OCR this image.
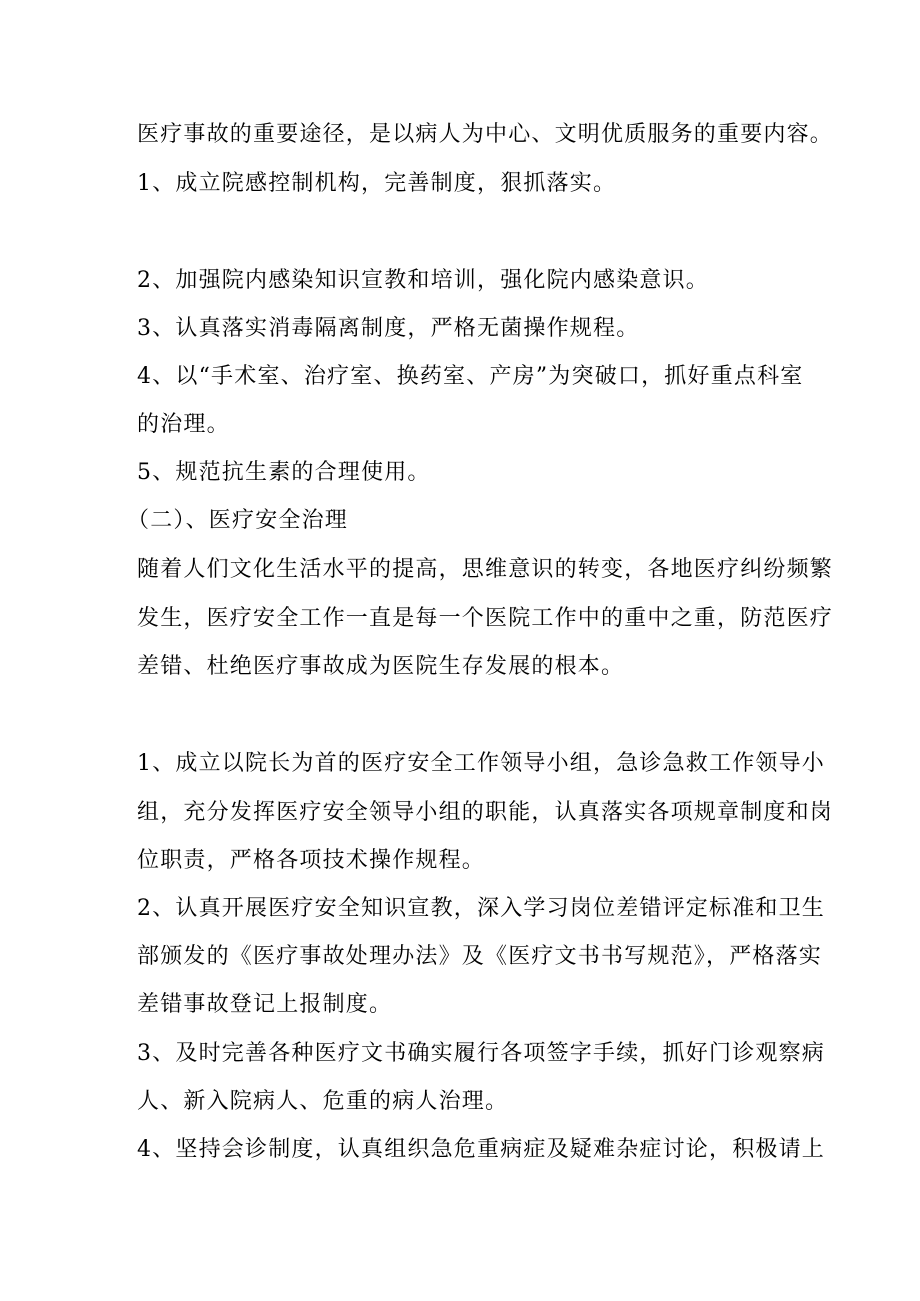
医疗事故的重要途径，是以病人为中心、文明优质服务的重要内容。
1、成立院感控制机构，完善制度，狠抓落实。
2、加强院内感染知识宣教和培训，强化院内感染意识。
3、认真落实消毒隔离制度，严格无菌操作规程。
4、以“手术室、治疗室、换药室、产房”为突破口，抓好重点科室
的治理。
5、规范抗生素的合理使用。
（二）、医疗安全治理
随着人们文化生活水平的提高，思维意识的转变，各地医疗纠纷频繁
发生，医疗安全工作一直是每一个医院工作中的重中之重，防范医疗
差错、杜绝医疗事故成为医院生存发展的根本。
1、成立以院长为首的医疗安全工作领导小组，急诊急救工作领导小
组，充分发挥医疗安全领导小组的职能，认真落实各项规章制度和岗
位职责，严格各项技术操作规程。
2、认真开展医疗安全知识宣教，深入学习岗位差错评定标准和卫生
部颁发的《医疗事故处理办法》及《医疗文书书写规范》，严格落实
差错事故登记上报制度。
3、及时完善各种医疗文书确实履行各项签字手续，抓好门诊观察病
人、新入院病人、危重的病人治理。
4、坚持会诊制度，认真组织急危重病症及疑难杂症讨论，积极请上
